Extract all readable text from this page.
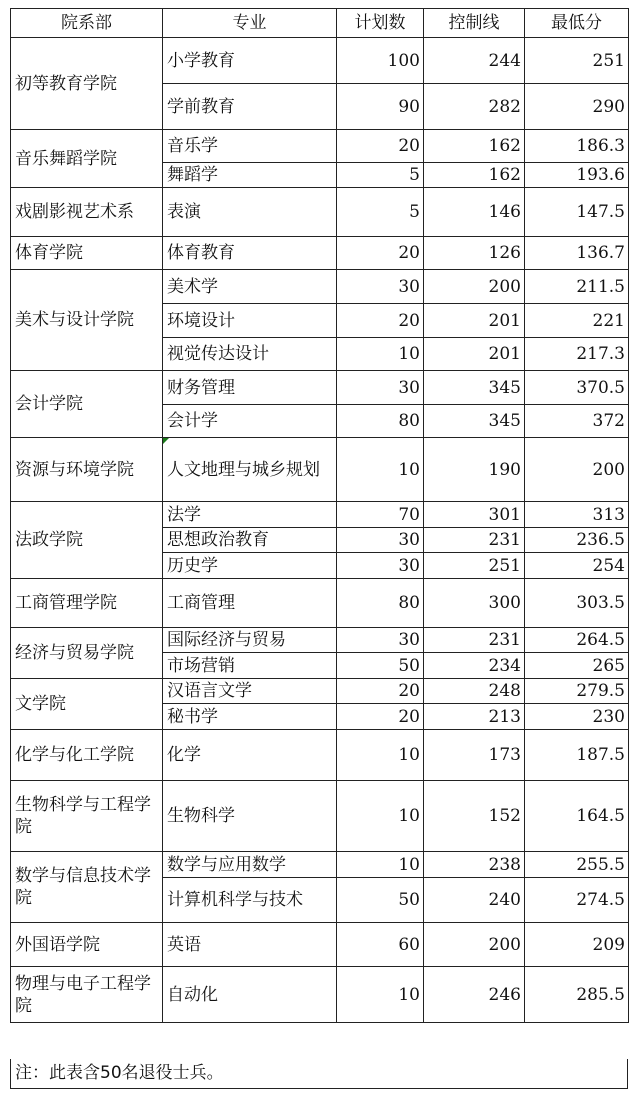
院系部	专业	计划数	控制线	最低分
初等教育学院	小学教育	100	244	251
	学前教育	90	282	290
音乐舞蹈学院	音乐学	20	162	186.3
	舞蹈学	5	162	193.6
戏剧影视艺术系	表演	5	146	147.5
体育学院	体育教育	20	126	136.7
美术与设计学院	美术学	30	200	211.5
	环境设计	20	201	221
	视觉传达设计	10	201	217.3
会计学院	财务管理	30	345	370.5
	会计学	80	345	372
资源与环境学院	人文地理与城乡规划	10	190	200
法政学院	法学	70	301	313
	思想政治教育	30	231	236.5
	历史学	30	251	254
工商管理学院	工商管理	80	300	303.5
经济与贸易学院	国际经济与贸易	30	231	264.5
	市场营销	50	234	265
文学院	汉语言文学	20	248	279.5
	秘书学	20	213	230
化学与化工学院	化学	10	173	187.5
生物科学与工程学院	生物科学	10	152	164.5
数学与信息技术学院	数学与应用数学	10	238	255.5
	计算机科学与技术	50	240	274.5
外国语学院	英语	60	200	209
物理与电子工程学院	自动化	10	246	285.5
注：此表含50名退役士兵。
